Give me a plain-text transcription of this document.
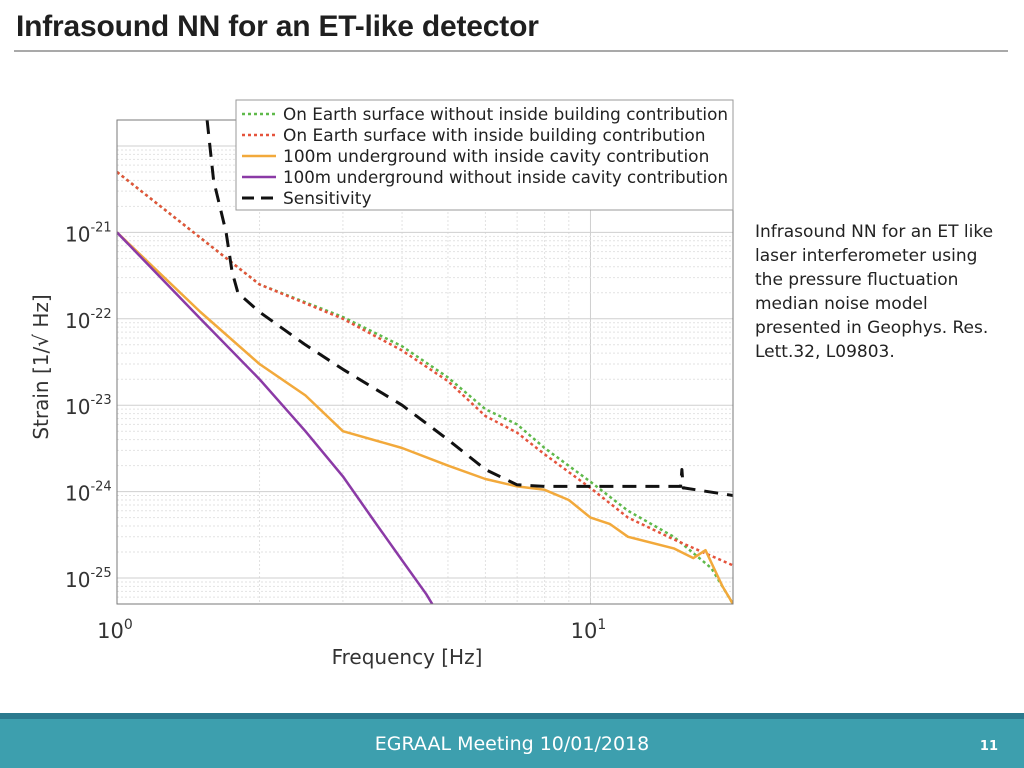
Infrasound NN for an ET-like detector
$10^0$	$10^1$
$10^{-21}$
$10^{-22}$
$10^{-23}$
$10^{-24}$
$10^{-25}$
Frequency [Hz]
Strain [1/√ Hz]
On Earth surface without inside building contribution
On Earth surface with inside building contribution
100m underground with inside cavity contribution
100m underground without inside cavity contribution
Sensitivity
Infrasound NN for an ET like laser interferometer using the pressure fluctuation median noise model presented in Geophys. Res. Lett.32, L09803.
EGRAAL Meeting 10/01/2018	11
